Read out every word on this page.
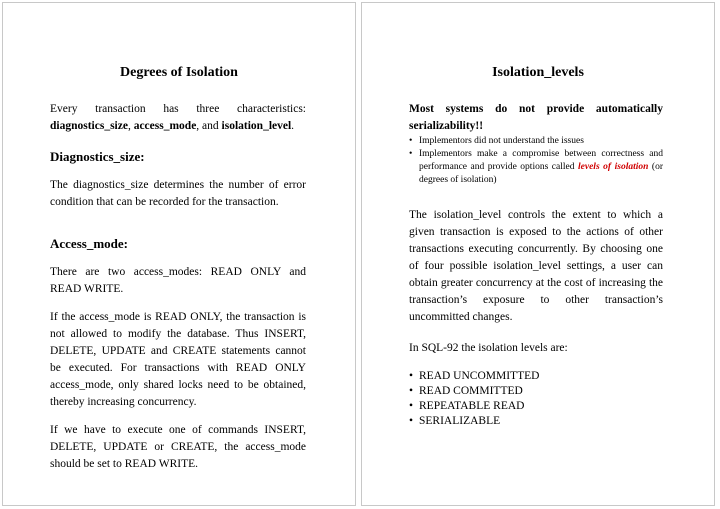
Degrees of Isolation

Every transaction has three characteristics:

diagnostics_size, access_mode, and isolation_level.

Diagnostics_size:

The diagnostics_size determines the number of error condition that can be recorded for the transaction.

Access_mode:

There are two access_modes: READ ONLY and READ WRITE.

If the access_mode is READ ONLY, the transaction is not allowed to modify the database. Thus INSERT, DELETE, UPDATE and CREATE statements cannot be executed. For transactions with READ ONLY access_mode, only shared locks need to be obtained, thereby increasing concurrency.

If we have to execute one of commands INSERT, DELETE, UPDATE or CREATE, the access_mode should be set to READ WRITE.

Isolation_levels

Most systems do not provide automatically serializability!!

• Implementors did not understand the issues
• Implementors make a compromise between correctness and performance and provide options called levels of isolation (or degrees of isolation)

The isolation_level controls the extent to which a given transaction is exposed to the actions of other transactions executing concurrently. By choosing one of four possible isolation_level settings, a user can obtain greater concurrency at the cost of increasing the transaction’s exposure to other transaction’s uncommitted changes.

In SQL-92 the isolation levels are:

• READ UNCOMMITTED
• READ COMMITTED
• REPEATABLE READ
• SERIALIZABLE
